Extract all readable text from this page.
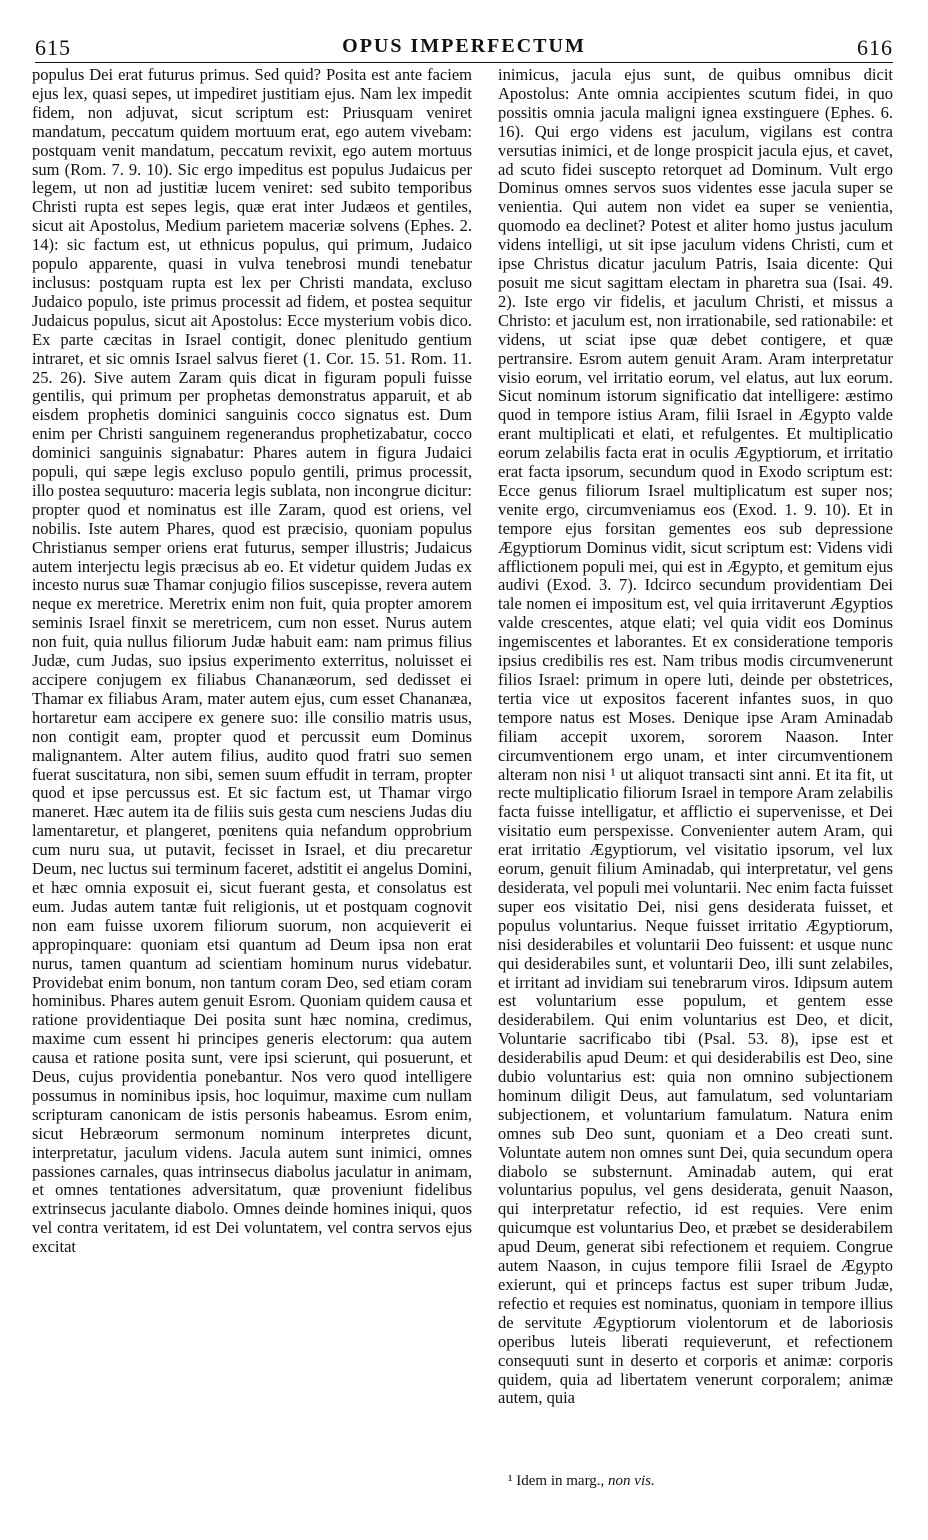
615	OPUS IMPERFECTUM	616

populus Dei erat futurus primus. Sed quid? Posita est ante faciem ejus lex, quasi sepes, ut impediret justitiam ejus. Nam lex impedit fidem, non adjuvat, sicut scriptum est: Priusquam veniret mandatum, peccatum quidem mortuum erat, ego autem vivebam: postquam venit mandatum, peccatum revixit, ego autem mortuus sum (Rom. 7. 9. 10). Sic ergo impeditus est populus Judaicus per legem, ut non ad justitiæ lucem veniret: sed subito temporibus Christi rupta est sepes legis, quæ erat inter Judæos et gentiles, sicut ait Apostolus, Medium parietem maceriæ solvens (Ephes. 2. 14): sic factum est, ut ethnicus populus, qui primum, Judaico populo apparente, quasi in vulva tenebrosi mundi tenebatur inclusus: postquam rupta est lex per Christi mandata, excluso Judaico populo, iste primus processit ad fidem, et postea sequitur Judaicus populus, sicut ait Apostolus: Ecce mysterium vobis dico. Ex parte cæcitas in Israel contigit, donec plenitudo gentium intraret, et sic omnis Israel salvus fieret (1. Cor. 15. 51. Rom. 11. 25. 26). Sive autem Zaram quis dicat in figuram populi fuisse gentilis, qui primum per prophetas demonstratus apparuit, et ab eisdem prophetis dominici sanguinis cocco signatus est. Dum enim per Christi sanguinem regenerandus prophetizabatur, cocco dominici sanguinis signabatur: Phares autem in figura Judaici populi, qui sæpe legis excluso populo gentili, primus processit, illo postea sequuturo: maceria legis sublata, non incongrue dicitur: propter quod et nominatus est ille Zaram, quod est oriens, vel nobilis. Iste autem Phares, quod est præcisio, quoniam populus Christianus semper oriens erat futurus, semper illustris; Judaicus autem interjectu legis præcisus ab eo. Et videtur quidem Judas ex incesto nurus suæ Thamar conjugio filios suscepisse, revera autem neque ex meretrice. Meretrix enim non fuit, quia propter amorem seminis Israel finxit se meretricem, cum non esset. Nurus autem non fuit, quia nullus filiorum Judæ habuit eam: nam primus filius Judæ, cum Judas, suo ipsius experimento exterritus, noluisset ei accipere conjugem ex filiabus Chananæorum, sed dedisset ei Thamar ex filiabus Aram, mater autem ejus, cum esset Chananæa, hortaretur eam accipere ex genere suo: ille consilio matris usus, non contigit eam, propter quod et percussit eum Dominus malignantem. Alter autem filius, audito quod fratri suo semen fuerat suscitatura, non sibi, semen suum effudit in terram, propter quod et ipse percussus est. Et sic factum est, ut Thamar virgo maneret. Hæc autem ita de filiis suis gesta cum nesciens Judas diu lamentaretur, et plangeret, pœnitens quia nefandum opprobrium cum nuru sua, ut putavit, fecisset in Israel, et diu precaretur Deum, nec luctus sui terminum faceret, adstitit ei angelus Domini, et hæc omnia exposuit ei, sicut fuerant gesta, et consolatus est eum. Judas autem tantæ fuit religionis, ut et postquam cognovit non eam fuisse uxorem filiorum suorum, non acquieverit ei appropinquare: quoniam etsi quantum ad Deum ipsa non erat nurus, tamen quantum ad scientiam hominum nurus videbatur. Providebat enim bonum, non tantum coram Deo, sed etiam coram hominibus. Phares autem genuit Esrom. Quoniam quidem causa et ratione providentiaque Dei posita sunt hæc nomina, credimus, maxime cum essent hi principes generis electorum: qua autem causa et ratione posita sunt, vere ipsi scierunt, qui posuerunt, et Deus, cujus providentia ponebantur. Nos vero quod intelligere possumus in nominibus ipsis, hoc loquimur, maxime cum nullam scripturam canonicam de istis personis habeamus. Esrom enim, sicut Hebræorum sermonum nominum interpretes dicunt, interpretatur, jaculum videns. Jacula autem sunt inimici, omnes passiones carnales, quas intrinsecus diabolus jaculatur in animam, et omnes tentationes adversitatum, quæ proveniunt fidelibus extrinsecus jaculante diabolo. Omnes deinde homines iniqui, quos vel contra veritatem, id est Dei voluntatem, vel contra servos ejus excitat

inimicus, jacula ejus sunt, de quibus omnibus dicit Apostolus: Ante omnia accipientes scutum fidei, in quo possitis omnia jacula maligni ignea exstinguere (Ephes. 6. 16). Qui ergo videns est jaculum, vigilans est contra versutias inimici, et de longe prospicit jacula ejus, et cavet, ad scuto fidei suscepto retorquet ad Dominum. Vult ergo Dominus omnes servos suos videntes esse jacula super se venientia. Qui autem non videt ea super se venientia, quomodo ea declinet? Potest et aliter homo justus jaculum videns intelligi, ut sit ipse jaculum videns Christi, cum et ipse Christus dicatur jaculum Patris, Isaia dicente: Qui posuit me sicut sagittam electam in pharetra sua (Isai. 49. 2). Iste ergo vir fidelis, et jaculum Christi, et missus a Christo: et jaculum est, non irrationabile, sed rationabile: et videns, ut sciat ipse quæ debet contigere, et quæ pertransire. Esrom autem genuit Aram. Aram interpretatur visio eorum, vel irritatio eorum, vel elatus, aut lux eorum. Sicut nominum istorum significatio dat intelligere: æstimo quod in tempore istius Aram, filii Israel in Ægypto valde erant multiplicati et elati, et refulgentes. Et multiplicatio eorum zelabilis facta erat in oculis Ægyptiorum, et irritatio erat facta ipsorum, secundum quod in Exodo scriptum est: Ecce genus filiorum Israel multiplicatum est super nos; venite ergo, circumveniamus eos (Exod. 1. 9. 10). Et in tempore ejus forsitan gementes eos sub depressione Ægyptiorum Dominus vidit, sicut scriptum est: Videns vidi afflictionem populi mei, qui est in Ægypto, et gemitum ejus audivi (Exod. 3. 7). Idcirco secundum providentiam Dei tale nomen ei impositum est, vel quia irritaverunt Ægyptios valde crescentes, atque elati; vel quia vidit eos Dominus ingemiscentes et laborantes. Et ex consideratione temporis ipsius credibilis res est. Nam tribus modis circumvenerunt filios Israel: primum in opere luti, deinde per obstetrices, tertia vice ut expositos facerent infantes suos, in quo tempore natus est Moses. Denique ipse Aram Aminadab filiam accepit uxorem, sororem Naason. Inter circumventionem ergo unam, et inter circumventionem alteram non nisi ¹ ut aliquot transacti sint anni. Et ita fit, ut recte multiplicatio filiorum Israel in tempore Aram zelabilis facta fuisse intelligatur, et afflictio ei supervenisse, et Dei visitatio eum perspexisse. Convenienter autem Aram, qui erat irritatio Ægyptiorum, vel visitatio ipsorum, vel lux eorum, genuit filium Aminadab, qui interpretatur, vel gens desiderata, vel populi mei voluntarii. Nec enim facta fuisset super eos visitatio Dei, nisi gens desiderata fuisset, et populus voluntarius. Neque fuisset irritatio Ægyptiorum, nisi desiderabiles et voluntarii Deo fuissent: et usque nunc qui desiderabiles sunt, et voluntarii Deo, illi sunt zelabiles, et irritant ad invidiam sui tenebrarum viros. Idipsum autem est voluntarium esse populum, et gentem esse desiderabilem. Qui enim voluntarius est Deo, et dicit, Voluntarie sacrificabo tibi (Psal. 53. 8), ipse est et desiderabilis apud Deum: et qui desiderabilis est Deo, sine dubio voluntarius est: quia non omnino subjectionem hominum diligit Deus, aut famulatum, sed voluntariam subjectionem, et voluntarium famulatum. Natura enim omnes sub Deo sunt, quoniam et a Deo creati sunt. Voluntate autem non omnes sunt Dei, quia secundum opera diabolo se substernunt. Aminadab autem, qui erat voluntarius populus, vel gens desiderata, genuit Naason, qui interpretatur refectio, id est requies. Vere enim quicumque est voluntarius Deo, et præbet se desiderabilem apud Deum, generat sibi refectionem et requiem. Congrue autem Naason, in cujus tempore filii Israel de Ægypto exierunt, qui et princeps factus est super tribum Judæ, refectio et requies est nominatus, quoniam in tempore illius de servitute Ægyptiorum violentorum et de laboriosis operibus luteis liberati requieverunt, et refectionem consequuti sunt in deserto et corporis et animæ: corporis quidem, quia ad libertatem venerunt corporalem; animæ autem, quia

¹ Idem in marg., non vis.
